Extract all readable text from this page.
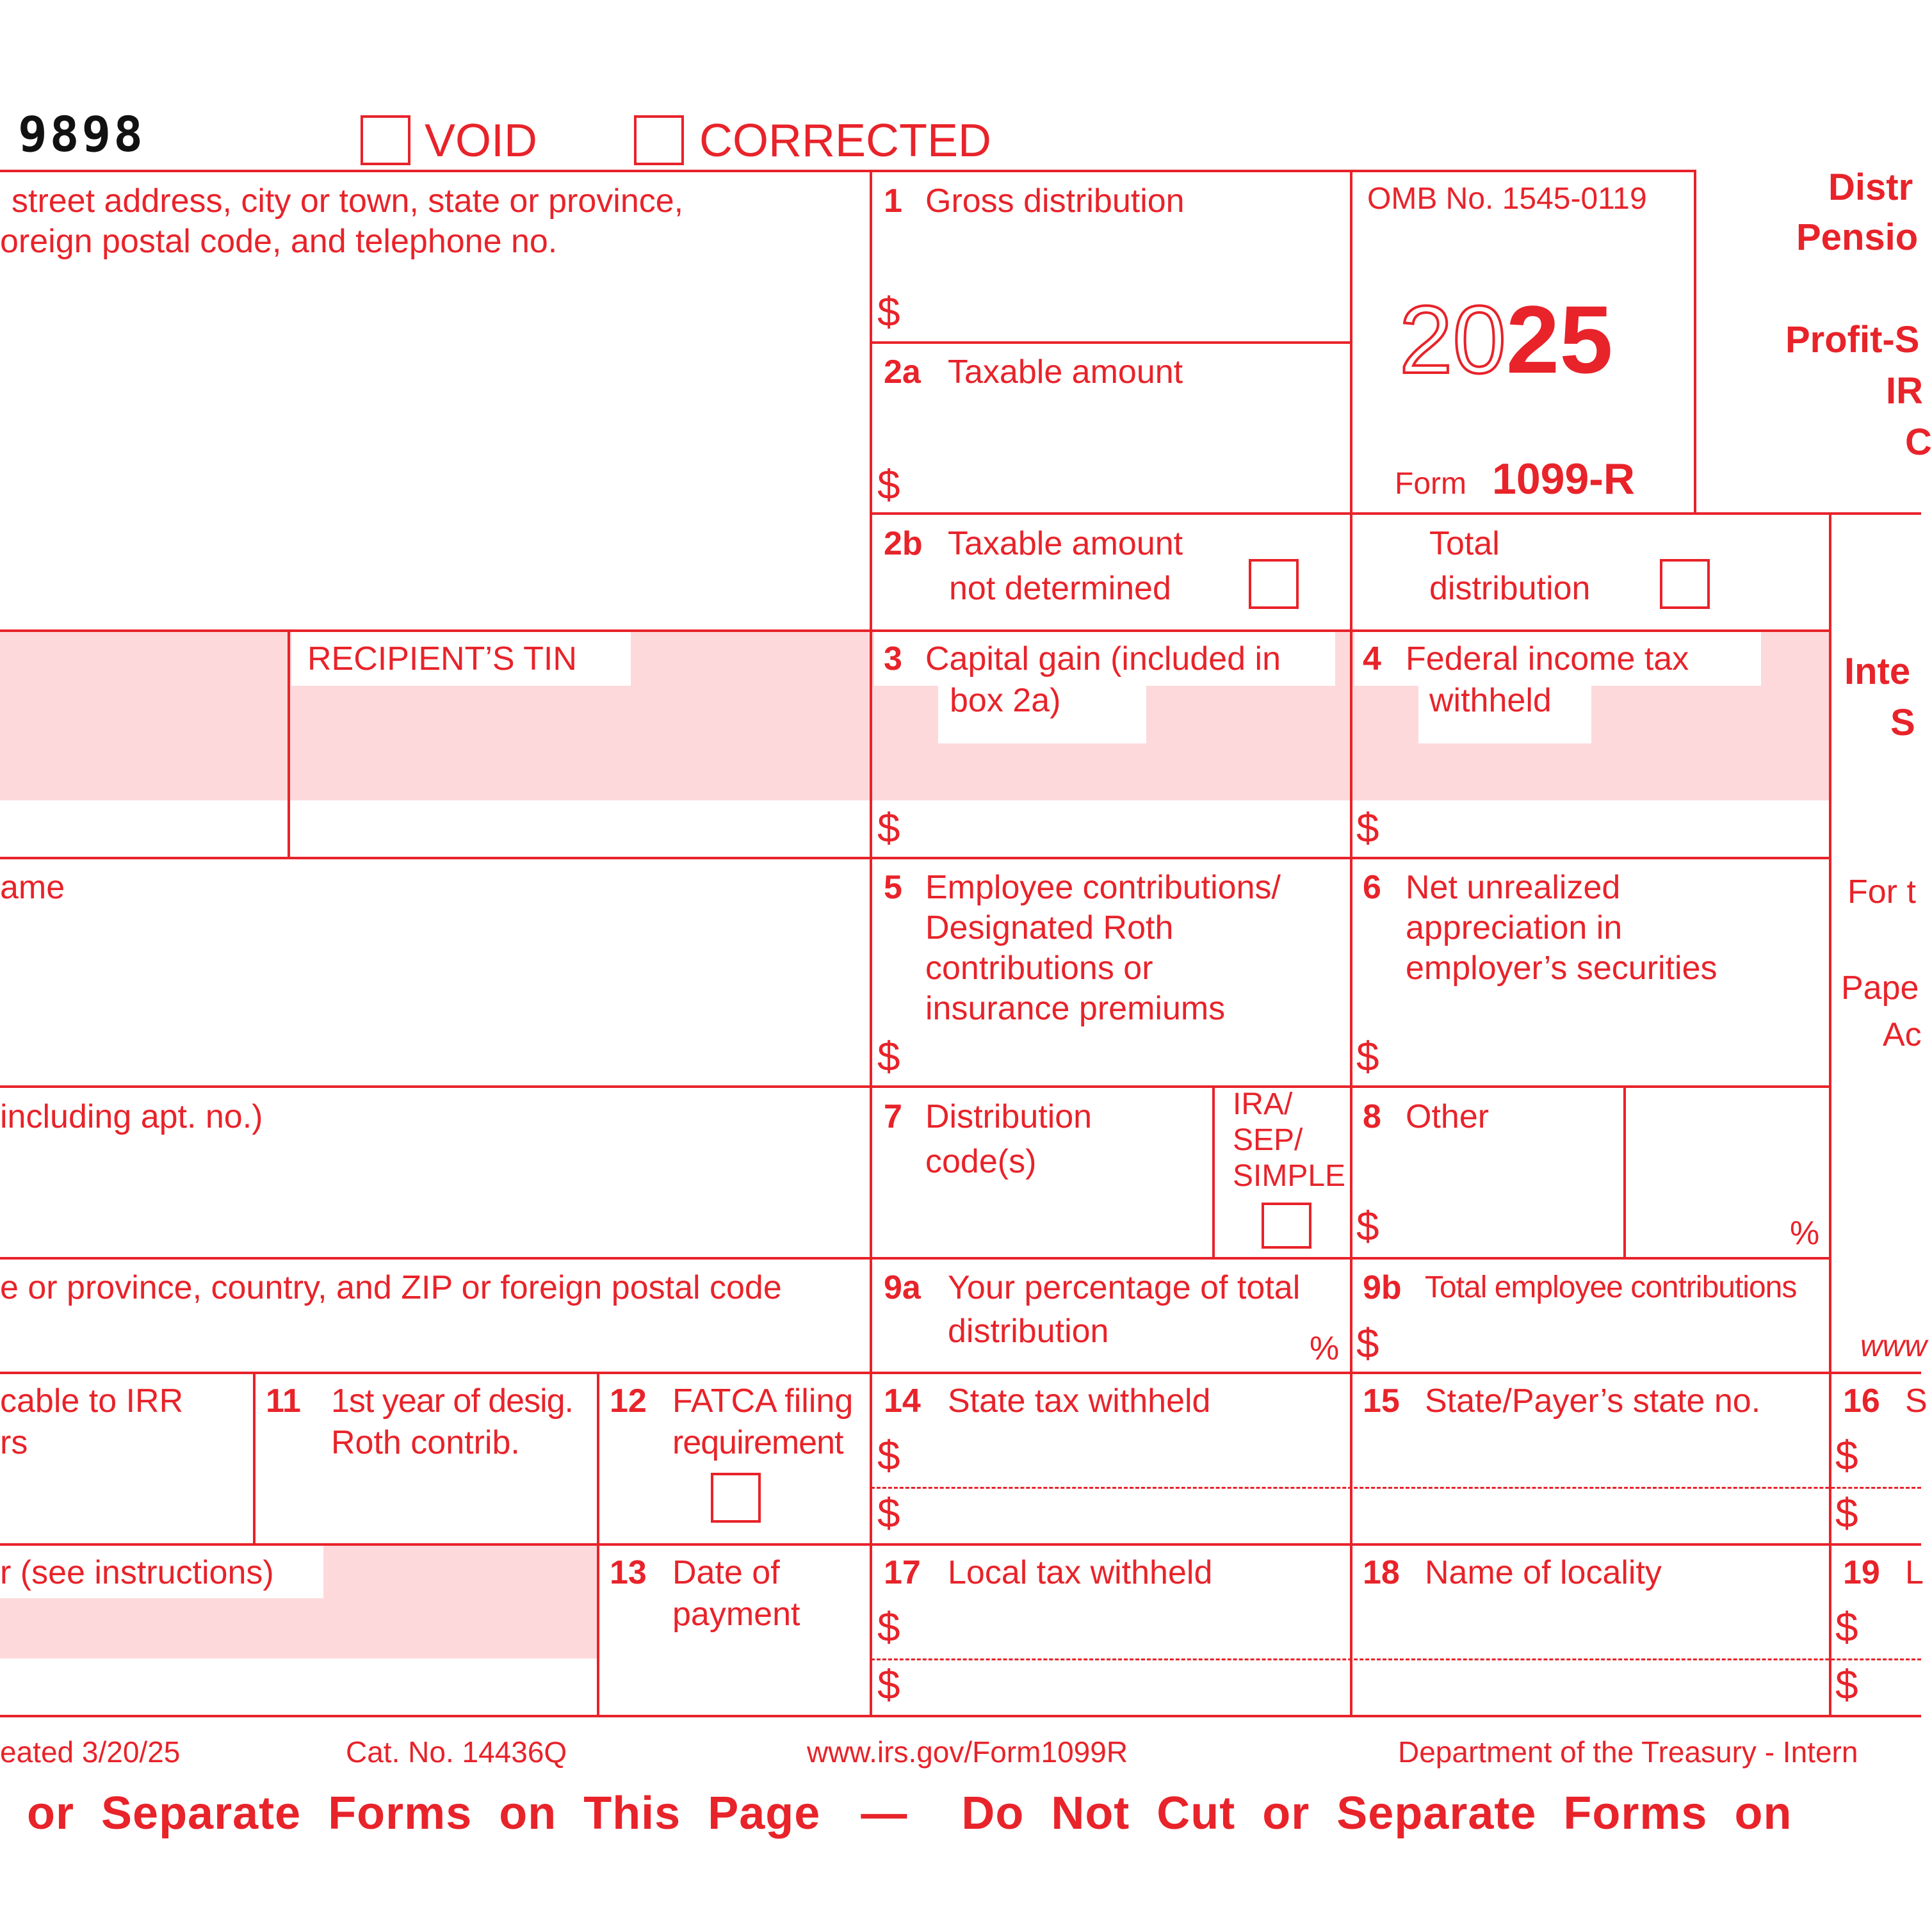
9898	VOID	CORRECTED
street address, city or town, state or province,
oreign postal code, and telephone no.
1 Gross distribution
$
2a Taxable amount
$
OMB No. 1545-0119
2025
Form 1099-R
Distr
Pensio
Profit-S
IR
C
2b Taxable amount
not determined
Total
distribution
RECIPIENT’S TIN	3 Capital gain (included in
box 2a)
$
4 Federal income tax
withheld
$
Inte
S
ame	5 Employee contributions/
Designated Roth
contributions or
insurance premiums
$
6 Net unrealized
appreciation in
employer’s securities
$
For t
Pape
Ac
including apt. no.)	7 Distribution
code(s)
IRA/
SEP/
SIMPLE
8 Other
$	%
e or province, country, and ZIP or foreign postal code	9a Your percentage of total
distribution	%
9b Total employee contributions
$	www
cable to IRR
rs
11 1st year of desig.
Roth contrib.
12 FATCA filing
requirement
14 State tax withheld
$
$
15 State/Payer’s state no. 16 S
$
$
r (see instructions)	13 Date of
payment
17 Local tax withheld
$
$
18 Name of locality	19 L
$
$
eated 3/20/25	Cat. No. 14436Q	www.irs.gov/Form1099R	Department of the Treasury - Intern
or  Separate  Forms  on  This  Page   —    Do  Not  Cut  or  Separate  Forms  on
